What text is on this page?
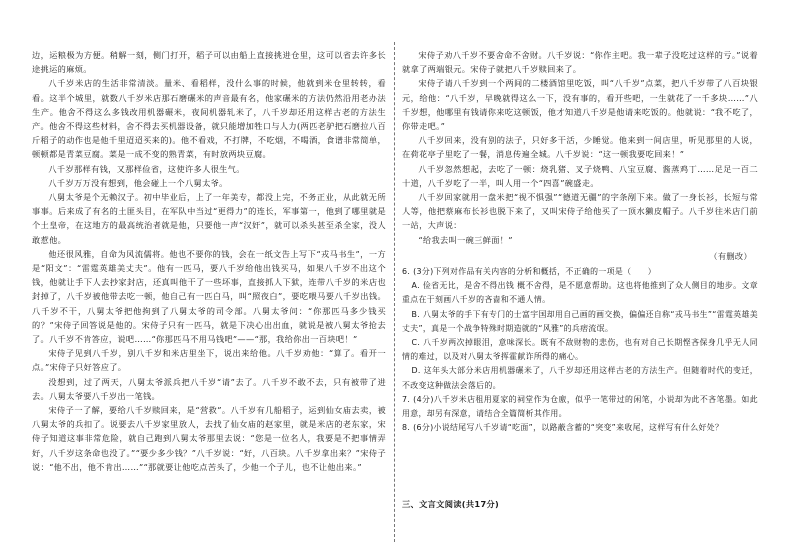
边，运粮极为方便。稍解一刻，侧门打开，稻子可以由船上直接挑进仓里，这可以省去许多长途挑运的麻烦。

八千岁米店的生活非常清淡。量米、看稻样，没什么事的时候，他就到米仓里转转，看看。这半个城里，就数八千岁米店那石磨碾米的声音最有名，他家碾米的方法仍然沿用老办法生产。他舍不得这么多钱改用机器碾米，夜间机器轧米了，八千岁却还用这样古老的方法生产。他舍不得这些材料，舍不得去买机器设备，就只能增加牲口与人力(两匹老驴把石磨拉八百斤稻子的动作也是他千里迢迢买来的)。他不看戏，不打牌，不吃烟，不喝酒，食谱非常简单，顿顿都是青菜豆腐。菜是一成不变的熟青菜，有时放两块豆腐。

八千岁那样有钱，又那样俭省，这使许多人很生气。

八千岁万万没有想到，他会碰上一个八舅太爷。

八舅太爷是个无赖汉子。初中毕业后，上了一年美专，都没上完，不务正业，从此就无所事事。后来成了有名的土匪头目，在军队中当过“更得力”的连长，军事第一，他到了哪里就是个土皇帝，在这地方的最高统治者就是他，只要他一声“汉奸”，就可以杀头甚至杀全家，没人敢惹他。

他还很风雅，自命为风流儒将。他也不要你的钱，会在一纸文告上写下“戎马书生”，一方是“阳文”：“雷霆英雄美丈夫”。他有一匹马，要八千岁给他出钱买马，如果八千岁不出这个钱，他就让手下人去抄家封店，还真叫他干了一些坏事，直接抓人下狱，连带八千岁的米店也封掉了，八千岁被他带去吃一顿，他自己有一匹白马，叫“照夜白”，要吃喂马要八千岁出钱。八千岁不干，八舅太爷把他拘到了八舅太爷的司令部。八舅太爷问：“你那匹马多少钱买的？”宋侍子回答说是他的。宋侍子只有一匹马，就是下决心出出血，就说是被八舅太爷抢去了。八千岁不肯答应，说吧……“你那匹马不用马钱吧”——“那，我给你出一百块吧！”

宋侍子见到八千岁，别八千岁和米店里坐下，说出来给他。八千岁劝他：“算了。看开一点。”宋侍子只好答应了。

没想到，过了两天，八舅太爷派兵把八千岁“请”去了。八千岁不敢不去，只有被带了进去。八舅太爷要八千岁出一笔钱。

宋侍子一了解，要给八千岁赎回来，是“营救”。八千岁有几船稻子，运到仙女庙去卖，被八舅太爷的兵扣了。说要去八千岁家里放人，去找了仙女庙的赵家里，就是米店的老东家，宋侍子知道这事非常危险，就自己跑到八舅太爷那里去说：“您是一位名人，我要是不把事情弄好，八千岁这条命也没了。”“要少多少钱？”八千岁说：“好，八百块。八千岁拿出来？”宋侍子说：“他不出，他不肯出……”“那就要让他吃点苦头了，少他一个子儿，也不让他出来。”

宋侍子劝八千岁不要舍命不舍财。八千岁说：“你作主吧。我一辈子没吃过这样的亏。”说着就拿了两端银元。宋侍子就把八千岁赎回来了。

宋侍子请八千岁到一个两间的二楼酒馆里吃饭，叫“八千岁”点菜，把八千岁带了八百块银元，给他：“八千岁，早晚就得这么一下，没有事的，看开些吧，一生就花了一千多块……”八千岁想，他哪里有钱请你来吃这顿饭，他才知道八千岁是他请来吃饭的。他就说：“我不吃了，你带走吧。”

八千岁回来，没有别的法子，只好多干活，少睡觉。他来到一间店里，听见那里的人说，在荷花亭子里吃了一餐，消息传遍全城。八千岁说：“这一顿我要吃回来！”

八千岁忽然想起，去吃了一顿：烧乳猪、叉子烧鸭、八宝豆腐、酱蒸鸡丁……足足一百二十道，八千岁吃了一半，叫人用一个“四喜”碗盛走。

八千岁回家就用一盘米把“视不惧强”“德道无疆”的字条剐下来。做了一身长衫，长短与常人等，他把蔡麻布长衫也脱下来了，又叫宋侍子给他买了一顶水獭皮帽子。八千岁往米店门前一站，大声说：

“给我去叫一碗三鲜面！”

（有删改）

6. (3分)下列对作品有关内容的分析和概括，不正确的一项是（　　）

A. 俭省无比，是舍不得出钱 概不舍得，是不愿意帮助。这也将他推到了众人侧目的地步。文章重点在于刻画八千岁的吝啬和不通人情。

B. 八舅太爷的手下有专门的士富宇国却用自己画的画交换，偏偏还自称“戎马书生”“雷霆英雄美丈夫”，真是一个战争特殊时期造就的“风雅”的兵痞流氓。

C. 八千岁两次掉眼泪，意味深长。既有不敌财物的悲伤，也有对自己长期悭吝保身几乎无人同情的难过，以及对八舅太爷挥霍献诈所得的痛心。

D. 这年头大部分米店用机器碾米了，八千岁却还用这样古老的方法生产。但随着时代的变迁，不改变这种做法会落后的。

7. (4分)八千岁米店租用夏家的祠堂作为仓廒，似乎一笔带过的闲笔，小说却为此不吝笔墨。如此用意，却另有深意，请结合全篇简析其作用。

8. (6分)小说结尾写八千岁请“吃面”，以路蔽含蓄的“突变”来收尾，这样写有什么好处？

三、文言文阅读(共17分)
